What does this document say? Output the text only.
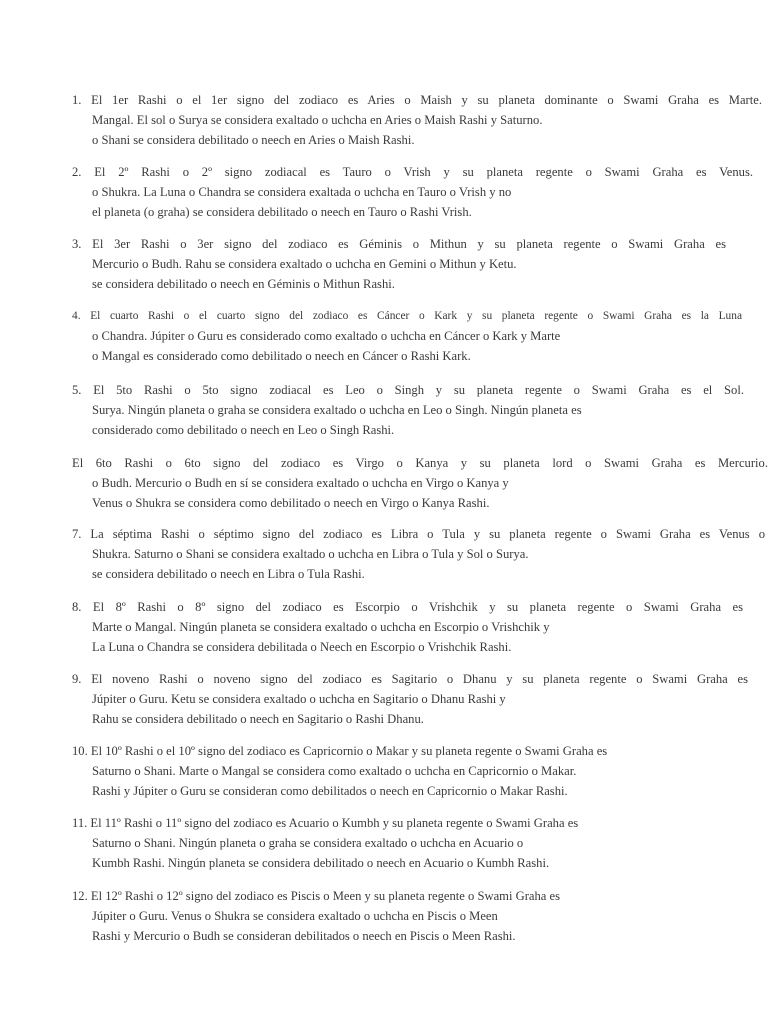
1. El 1er Rashi o el 1er signo del zodiaco es Aries o Maish y su planeta dominante o Swami Graha es Marte.
Mangal. El sol o Surya se considera exaltado o uchcha en Aries o Maish Rashi y Saturno.
o Shani se considera debilitado o neech en Aries o Maish Rashi.
2. El 2º Rashi o 2º signo zodiacal es Tauro o Vrish y su planeta regente o Swami Graha es Venus.
o Shukra. La Luna o Chandra se considera exaltada o uchcha en Tauro o Vrish y no
el planeta (o graha) se considera debilitado o neech en Tauro o Rashi Vrish.
3. El 3er Rashi o 3er signo del zodiaco es Géminis o Mithun y su planeta regente o Swami Graha es
Mercurio o Budh. Rahu se considera exaltado o uchcha en Gemini o Mithun y Ketu.
se considera debilitado o neech en Géminis o Mithun Rashi.
4. El cuarto Rashi o el cuarto signo del zodiaco es Cáncer o Kark y su planeta regente o Swami Graha es la Luna
o Chandra. Júpiter o Guru es considerado como exaltado o uchcha en Cáncer o Kark y Marte
o Mangal es considerado como debilitado o neech en Cáncer o Rashi Kark.
5. El 5to Rashi o 5to signo zodiacal es Leo o Singh y su planeta regente o Swami Graha es el Sol.
Surya. Ningún planeta o graha se considera exaltado o uchcha en Leo o Singh. Ningún planeta es
considerado como debilitado o neech en Leo o Singh Rashi.
El 6to Rashi o 6to signo del zodiaco es Virgo o Kanya y su planeta lord o Swami Graha es Mercurio.
o Budh. Mercurio o Budh en sí se considera exaltado o uchcha en Virgo o Kanya y
Venus o Shukra se considera como debilitado o neech en Virgo o Kanya Rashi.
7. La séptima Rashi o séptimo signo del zodiaco es Libra o Tula y su planeta regente o Swami Graha es Venus o
Shukra. Saturno o Shani se considera exaltado o uchcha en Libra o Tula y Sol o Surya.
se considera debilitado o neech en Libra o Tula Rashi.
8. El 8º Rashi o 8º signo del zodiaco es Escorpio o Vrishchik y su planeta regente o Swami Graha es
Marte o Mangal. Ningún planeta se considera exaltado o uchcha en Escorpio o Vrishchik y
La Luna o Chandra se considera debilitada o Neech en Escorpio o Vrishchik Rashi.
9. El noveno Rashi o noveno signo del zodiaco es Sagitario o Dhanu y su planeta regente o Swami Graha es
Júpiter o Guru. Ketu se considera exaltado o uchcha en Sagitario o Dhanu Rashi y
Rahu se considera debilitado o neech en Sagitario o Rashi Dhanu.
10. El 10º Rashi o el 10º signo del zodiaco es Capricornio o Makar y su planeta regente o Swami Graha es
Saturno o Shani. Marte o Mangal se considera como exaltado o uchcha en Capricornio o Makar.
Rashi y Júpiter o Guru se consideran como debilitados o neech en Capricornio o Makar Rashi.
11. El 11º Rashi o 11º signo del zodiaco es Acuario o Kumbh y su planeta regente o Swami Graha es
Saturno o Shani. Ningún planeta o graha se considera exaltado o uchcha en Acuario o
Kumbh Rashi. Ningún planeta se considera debilitado o neech en Acuario o Kumbh Rashi.
12. El 12º Rashi o 12º signo del zodiaco es Piscis o Meen y su planeta regente o Swami Graha es
Júpiter o Guru. Venus o Shukra se considera exaltado o uchcha en Piscis o Meen
Rashi y Mercurio o Budh se consideran debilitados o neech en Piscis o Meen Rashi.
